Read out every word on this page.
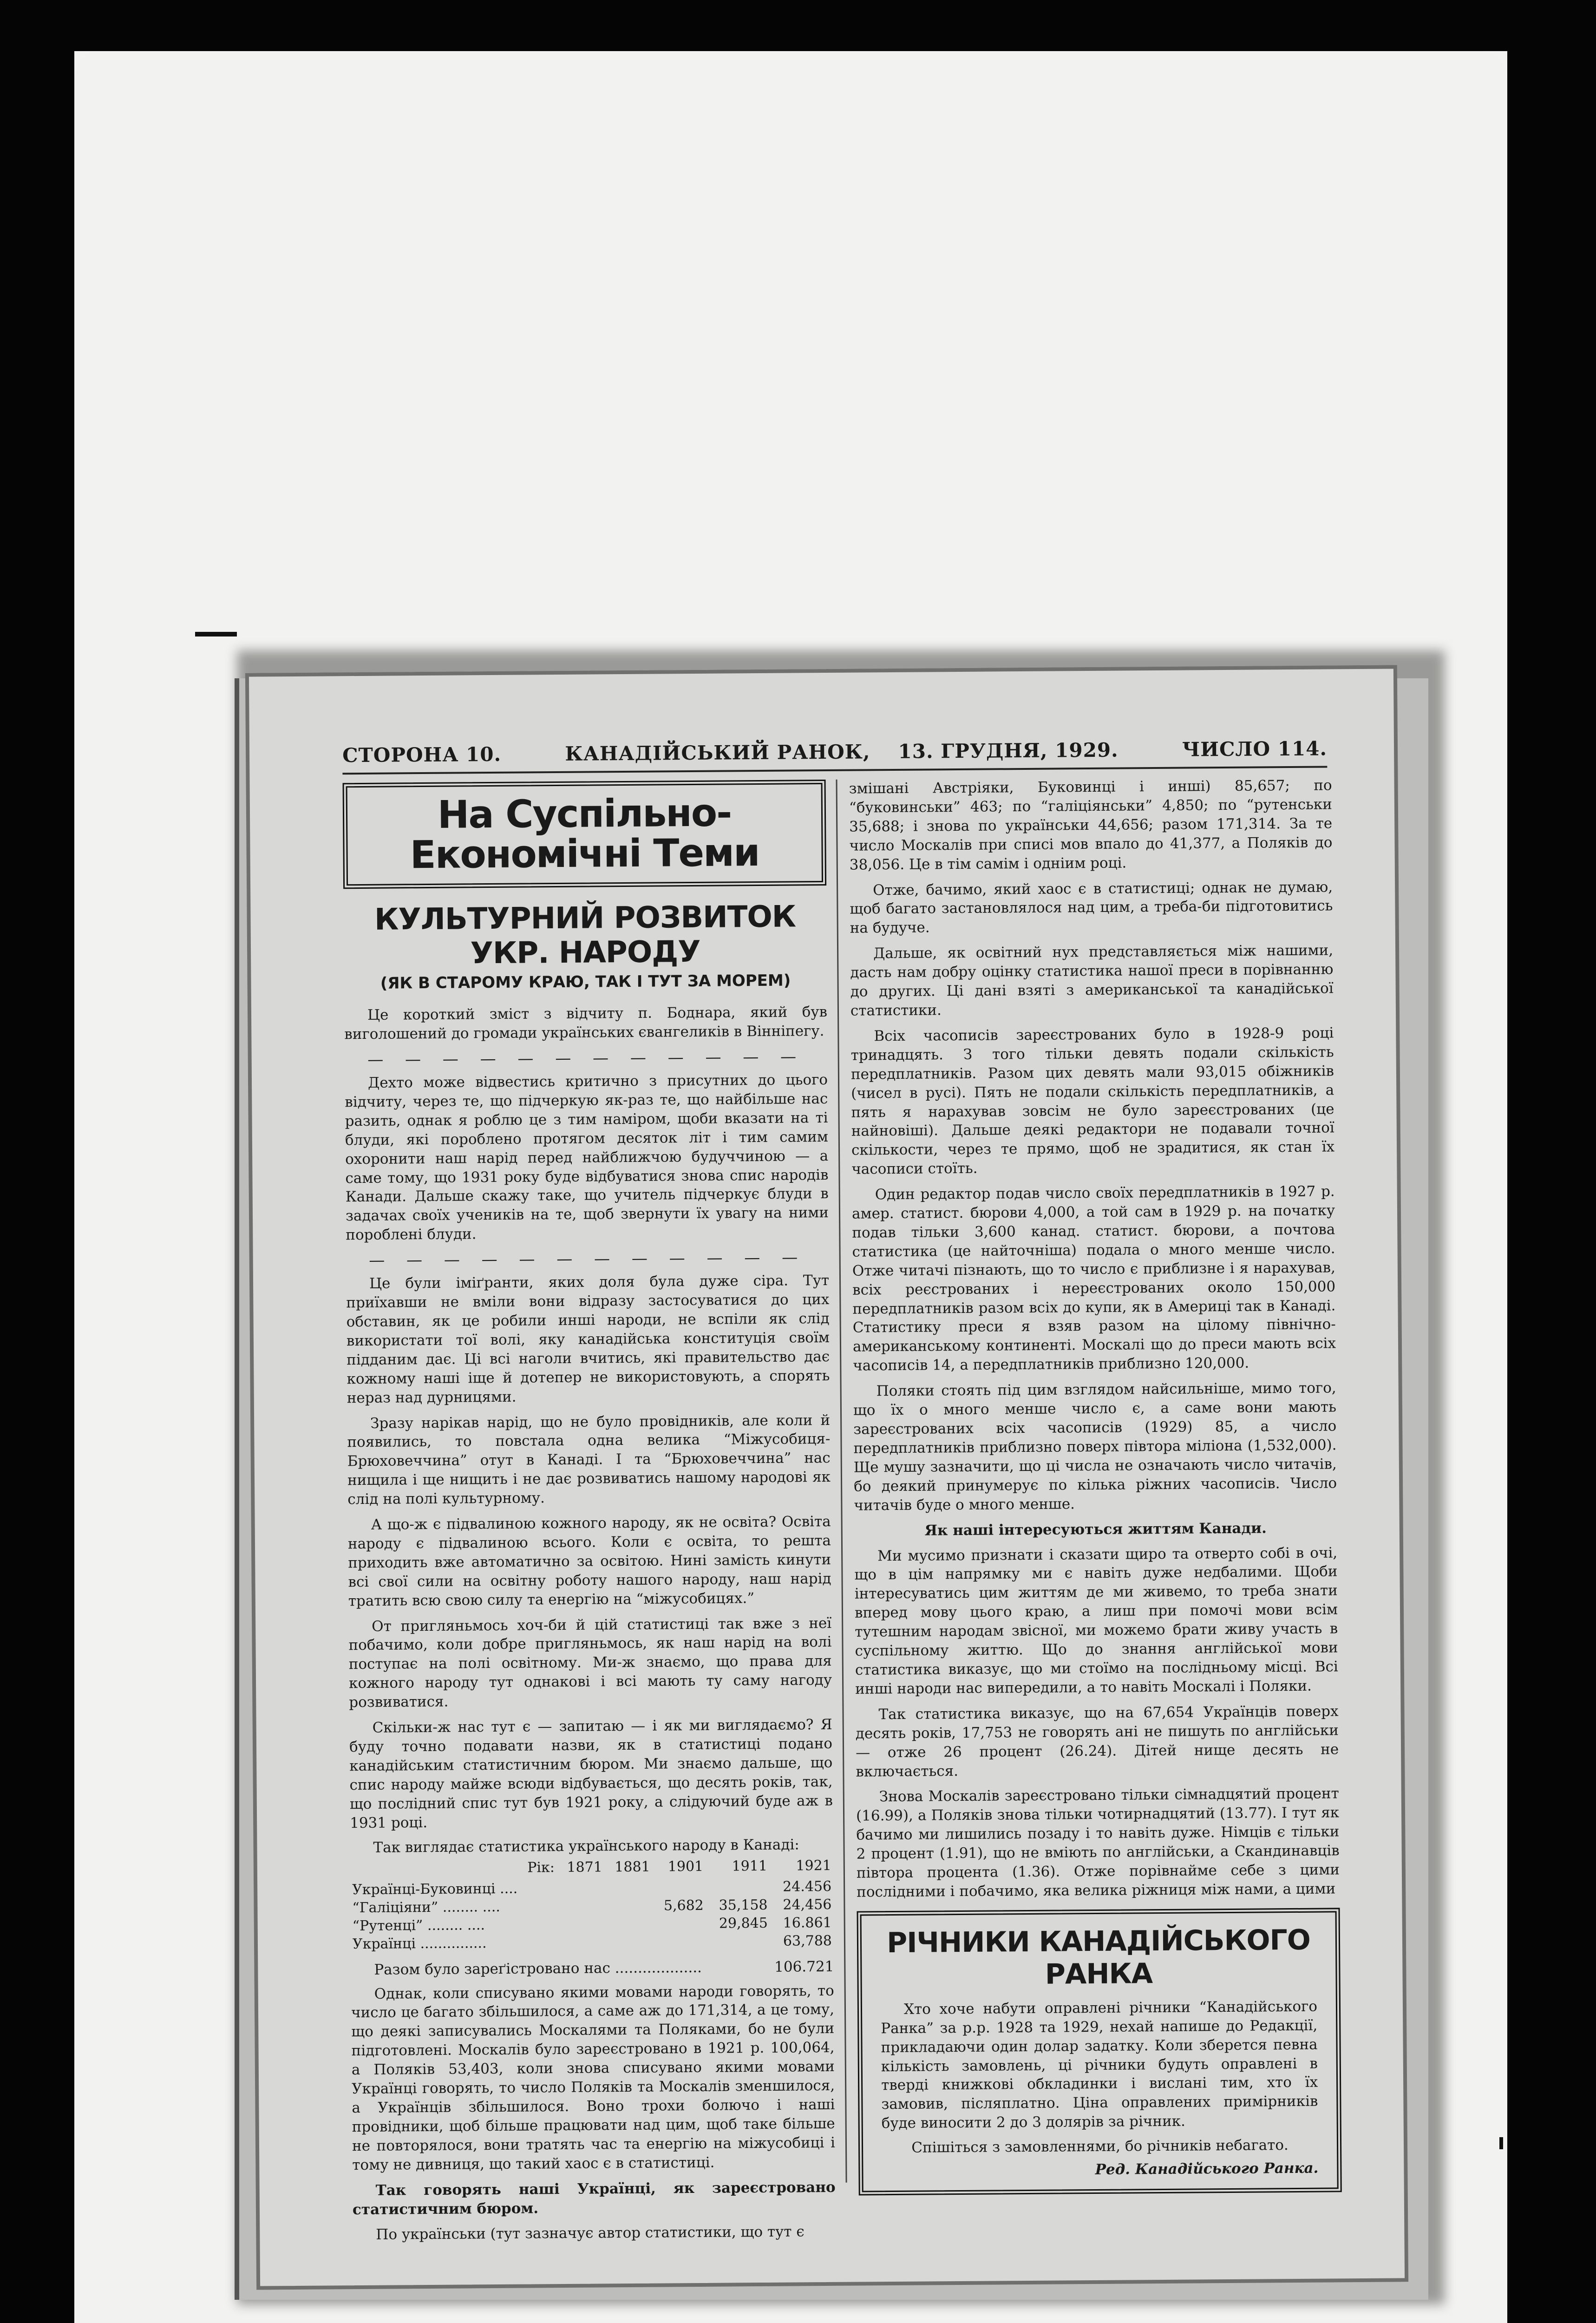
СТОРОНА 10.	КАНАДІЙСЬКИЙ РАНОК, 13. ГРУДНЯ, 1929.	ЧИСЛО 114.
На Суспільно-Економічні Теми
КУЛЬТУРНИЙ РОЗВИТОК УКР. НАРОДУ
(ЯК В СТАРОМУ КРАЮ, ТАК І ТУТ ЗА МОРЕМ)

Це короткий зміст з відчиту п. Боднара, який був виголошений до громади українських євангеликів в Вінніпегу.

— — — — — — — — — — — —

Дехто може відвестись критично з присутних до цього відчиту, через те, що підчеркую як-раз те, що найбільше нас разить, однак я роблю це з тим наміром, щоби вказати на ті блуди, які пороблено протягом десяток літ і тим самим охоронити наш нарід перед найближчою будуччиною — а саме тому, що 1931 року буде відбуватися знова спис народів Канади. Дальше скажу таке, що учитель підчеркує блуди в задачах своїх учеників на те, щоб звернути їх увагу на ними пороблені блуди.

— — — — — — — — — — — —

Це були іміґранти, яких доля була дуже сіра. Тут приїхавши не вміли вони відразу застосуватися до цих обставин, як це робили инші народи, не вспіли як слід використати тої волі, яку канадійська конституція своїм підданим дає. Ці всі наголи вчитись, які правительство дає кожному наші іще й дотепер не використовують, а спорять нераз над дурницями.

Зразу нарікав нарід, що не було провідників, але коли й появились, то повстала одна велика “Міжусобиця-Брюховеччина” отут в Канаді. І та “Брюховеччина” нас нищила і ще нищить і не дає розвиватись нашому народові як слід на полі культурному.

А що-ж є підвалиною кожного народу, як не освіта? Освіта народу є підвалиною всього. Коли є освіта, то решта приходить вже автоматично за освітою. Нині замість кинути всі свої сили на освітну роботу нашого народу, наш нарід тратить всю свою силу та енергію на “міжусобицях.”

От пригляньмось хоч-би й цій статистиці так вже з неї побачимо, коли добре пригляньмось, як наш нарід на волі поступає на полі освітному. Ми-ж знаємо, що права для кожного народу тут однакові і всі мають ту саму нагоду розвиватися.

Скільки-ж нас тут є — запитаю — і як ми виглядаємо? Я буду точно подавати назви, як в статистиці подано канадійським статистичним бюром. Ми знаємо дальше, що спис народу майже всюди відбувається, що десять років, так, що послідний спис тут був 1921 року, а слідуючий буде аж в 1931 році.

Так виглядає статистика українського народу в Канаді:
Рік:	1871	1881	1901	1911	1921
Українці-Буковинці ....					24.456
“Галіціяни” ........ ....			5,682	35,158	24,456
“Рутенці” ........ ....				29,845	16.861
Українці ...............					63,788
Разом було зареґістровано нас ...................	106.721

Однак, коли списувано якими мовами народи говорять, то число це багато збільшилося, а саме аж до 171,314, а це тому, що деякі записувались Москалями та Поляками, бо не були підготовлені. Москалів було зареєстровано в 1921 р. 100,064, а Поляків 53,403, коли знова списувано якими мовами Українці говорять, то число Поляків та Москалів зменшилося, а Українців збільшилося. Вoно трохи болючо і наші провідники, щоб більше працювати над цим, щоб таке більше не повторялося, вони тратять час та енергію на міжусобиці і тому не дивниця, що такий хаос є в статистиці.

Так говорять наші Українці, як зареєстровано статистичним бюром.

По українськи (тут зазначує автор статистики, що тут є

змішані Австріяки, Буковинці і инші) 85,657; по “буковинськи” 463; по “галіціянськи” 4,850; по “рутенськи 35,688; і знова по українськи 44,656; разом 171,314. За те число Москалів при списі мов впало до 41,377, а Поляків до 38,056. Це в тім самім і одніим році.

Отже, бачимо, який хаос є в статистиці; однак не думаю, щоб багато застановлялося над цим, а треба-би підготовитись на будуче.

Дальше, як освітний нух представляється між нашими, дасть нам добру оцінку статистика нашої преси в порівнанню до других. Ці дані взяті з американської та канадійської статистики.

Всіх часописів зареєстрованих було в 1928-9 році тринадцять. З того тільки девять подали скількість передплатників. Разом цих девять мали 93,015 обіжників (чисел в русі). Пять не подали скількість передплатників, а пять я нарахував зовсім не було зареєстрованих (це найновіші). Дальше деякі редактори не подавали точної скількости, через те прямо, щоб не зрадитися, як стан їх часописи стоїть.

Один редактор подав число своїх передплатників в 1927 р. амер. статист. бюрови 4,000, а той сам в 1929 р. на початку подав тільки 3,600 канад. статист. бюрови, а почтова статистика (це найточніша) подала о много менше число. Отже читачі пізнають, що то число є приблизне і я нарахував, всіх реєстрованих і нереєстрованих около 150,000 передплатників разом всіх до купи, як в Америці так в Канаді. Статистику преси я взяв разом на цілому північно-американському континенті. Москалі що до преси мають всіх часописів 14, а передплатників приблизно 120,000.

Поляки стоять під цим взглядом найсильніше, мимо того, що їх о много менше число є, а саме вони мають зареєстрованих всіх часописів (1929) 85, а число передплатників приблизно поверх півтора міліона (1,532,000). Ще мушу зазначити, що ці числа не означають число читачів, бо деякий принумерує по кілька ріжних часописів. Число читачів буде о много менше.

Як наші інтересуються життям Канади.

Ми мусимо признати і сказати щиро та отверто собі в очі, що в цім напрямку ми є навіть дуже недбалими. Щоби інтересуватись цим життям де ми живемо, то треба знати вперед мову цього краю, а лиш при помочі мови всім тутешним народам звісної, ми можемо брати живу участь в суспільному життю. Що до знання англійської мови статистика виказує, що ми стоїмо на послідньому місці. Всі инші народи нас випередили, а то навіть Москалі і Поляки.

Так статистика виказує, що на 67,654 Українців поверх десять років, 17,753 не говорять ані не пишуть по англійськи — отже 26 процент (26.24). Дітей нище десять не включається.

Знова Москалів зареєстровано тільки сімнадцятий процент (16.99), а Поляків знова тільки чотирнадцятий (13.77). І тут як бачимо ми лишились позаду і то навіть дуже. Німців є тільки 2 процент (1.91), що не вміють по англійськи, а Скандинавців півтора процента (1.36). Отже порівнайме себе з цими послідними і побачимо, яка велика ріжниця між нами, а цими

РІЧНИКИ КАНАДІЙСЬКОГО РАНКА
Хто хоче набути оправлені річники “Канадійського Ранка” за р.р. 1928 та 1929, нехай напише до Редакції, прикладаючи один долар задатку. Коли зберется певна кількість замовлень, ці річники будуть оправлені в тверді книжкові обкладинки і вислані тим, хто їх замовив, післяплатно. Ціна оправлених примірників буде виносити 2 до 3 долярів за річник.
Спішіться з замовленнями, бо річників небагато.
Ред. Канадійського Ранка.
